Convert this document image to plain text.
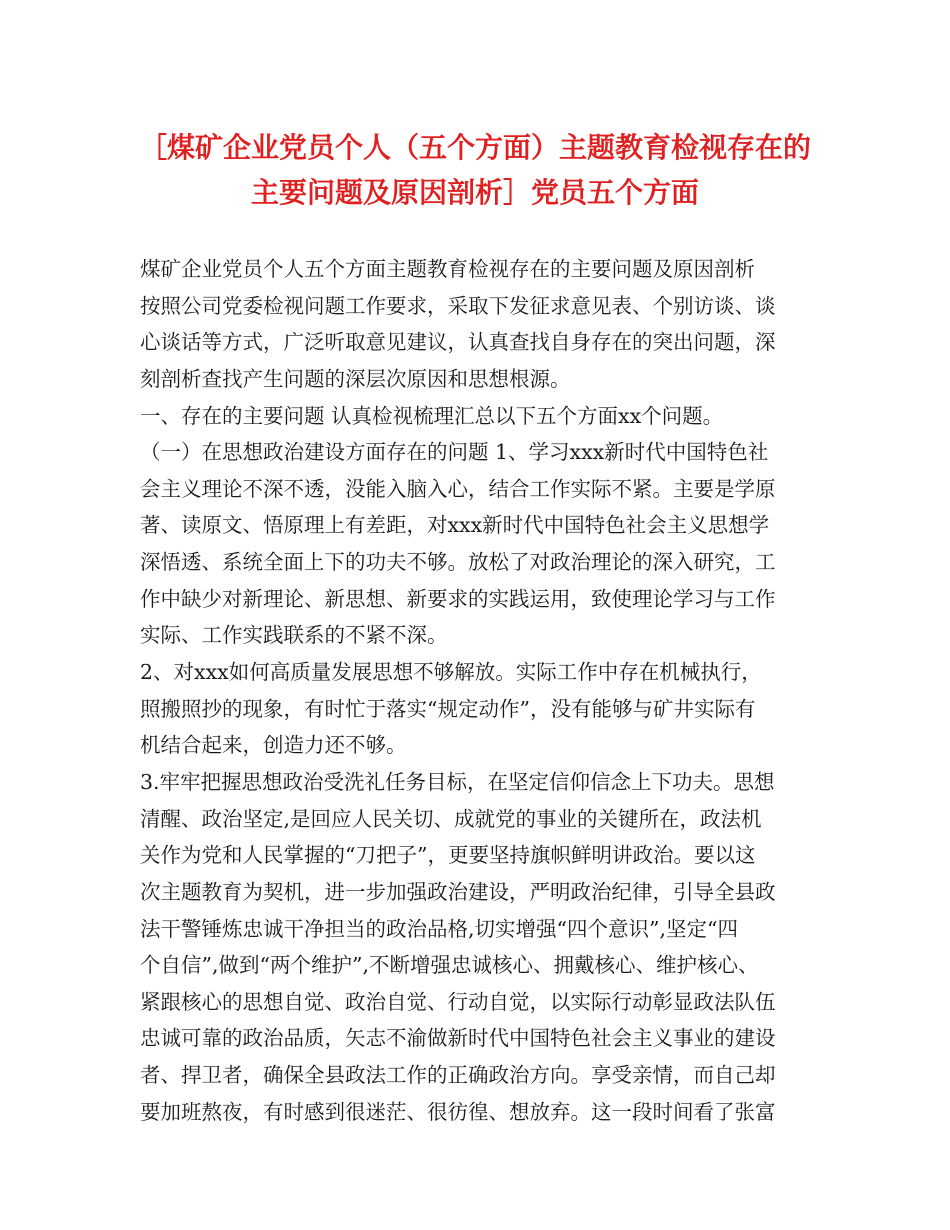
［煤矿企业党员个人（五个方面）主题教育检视存在的
主要问题及原因剖析］党员五个方面
煤矿企业党员个人五个方面主题教育检视存在的主要问题及原因剖析
按照公司党委检视问题工作要求，采取下发征求意见表、个别访谈、谈
心谈话等方式，广泛听取意见建议，认真查找自身存在的突出问题，深
刻剖析查找产生问题的深层次原因和思想根源。
一、存在的主要问题 认真检视梳理汇总以下五个方面xx个问题。
（一）在思想政治建设方面存在的问题 1、学习xxx新时代中国特色社
会主义理论不深不透，没能入脑入心，结合工作实际不紧。主要是学原
著、读原文、悟原理上有差距，对xxx新时代中国特色社会主义思想学
深悟透、系统全面上下的功夫不够。放松了对政治理论的深入研究，工
作中缺少对新理论、新思想、新要求的实践运用，致使理论学习与工作
实际、工作实践联系的不紧不深。
2、对xxx如何高质量发展思想不够解放。实际工作中存在机械执行，
照搬照抄的现象，有时忙于落实“规定动作”，没有能够与矿井实际有
机结合起来，创造力还不够。
3.牢牢把握思想政治受洗礼任务目标，在坚定信仰信念上下功夫。思想
清醒、政治坚定,是回应人民关切、成就党的事业的关键所在，政法机
关作为党和人民掌握的“刀把子”，更要坚持旗帜鲜明讲政治。要以这
次主题教育为契机，进一步加强政治建设，严明政治纪律，引导全县政
法干警锤炼忠诚干净担当的政治品格,切实增强“四个意识”,坚定“四
个自信”,做到“两个维护”,不断增强忠诚核心、拥戴核心、维护核心、
紧跟核心的思想自觉、政治自觉、行动自觉，以实际行动彰显政法队伍
忠诚可靠的政治品质，矢志不渝做新时代中国特色社会主义事业的建设
者、捍卫者，确保全县政法工作的正确政治方向。享受亲情，而自己却
要加班熬夜，有时感到很迷茫、很彷徨、想放弃。这一段时间看了张富
